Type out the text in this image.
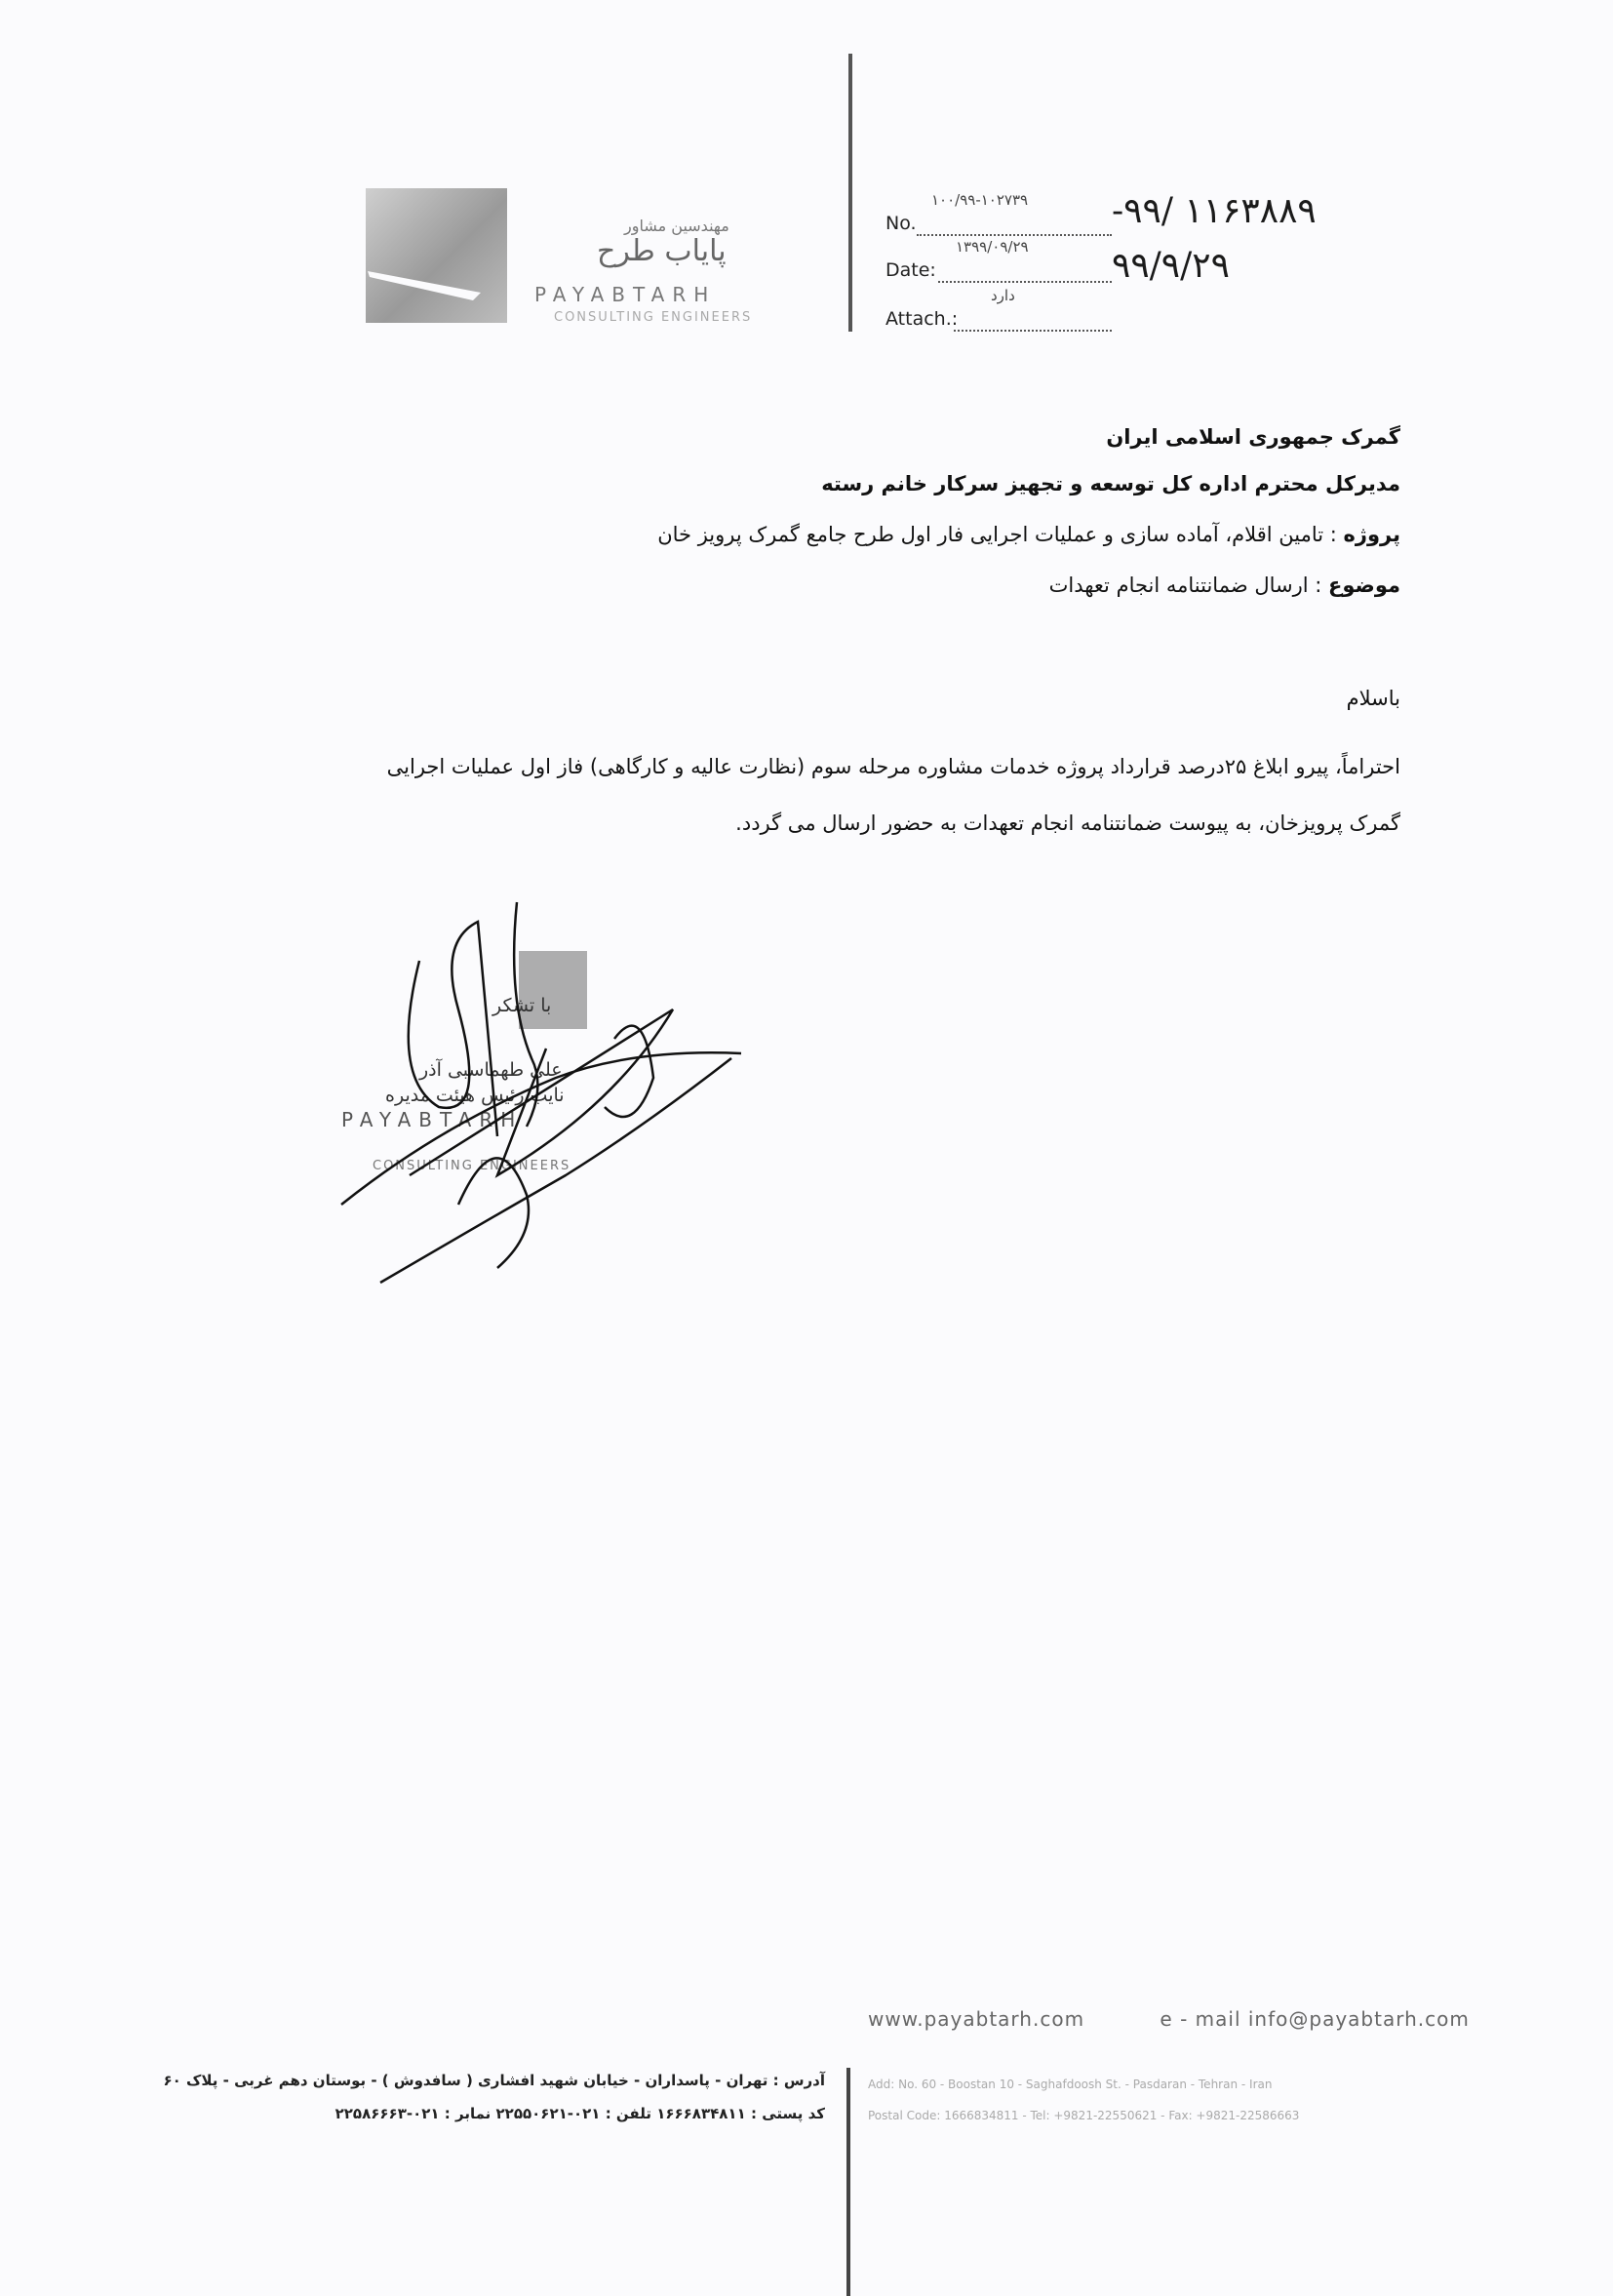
مهندسین مشاور
پایاب طرح
PAYABTARH
CONSULTING ENGINEERS
No.
۱۰۰/۹۹-۱۰۲۷۳۹ -۹۹/ ۱۱۶۳۸۸۹
Date:
۱۳۹۹/۰۹/۲۹ ۹۹/۹/۲۹
Attach.:
دارد
گمرک جمهوری اسلامی ایران
مدیرکل محترم اداره کل توسعه و تجهیز سرکار خانم رسته
پروژه : تامین اقلام، آماده سازی و عملیات اجرایی فار اول طرح جامع گمرک پرویز خان
موضوع : ارسال ضمانتنامه انجام تعهدات
باسلام
احتراماً، پیرو ابلاغ ۲۵درصد قرارداد پروژه خدمات مشاوره مرحله سوم (نظارت عالیه و کارگاهی) فاز اول عملیات اجرایی
گمرک پرویزخان، به پیوست ضمانتنامه انجام تعهدات به حضور ارسال می گردد.
با تشکر
علی طهماسبی آذر
نایب رئیس هیئت مدیره
PAYABTARH
CONSULTING ENGINEERS
www.payabtarh.com	e - mail info@payabtarh.com
آدرس : تهران - پاسداران - خیابان شهید افشاری ( سافدوش ) - بوستان دهم غربی - پلاک ۶۰
کد پستی : ۱۶۶۶۸۳۴۸۱۱ تلفن : ۰۲۱-۲۲۵۵۰۶۲۱ نمابر : ۰۲۱-۲۲۵۸۶۶۶۳
Add: No. 60 - Boostan 10 - Saghafdoosh St. - Pasdaran - Tehran - Iran
Postal Code: 1666834811 - Tel: +9821-22550621 - Fax: +9821-22586663
